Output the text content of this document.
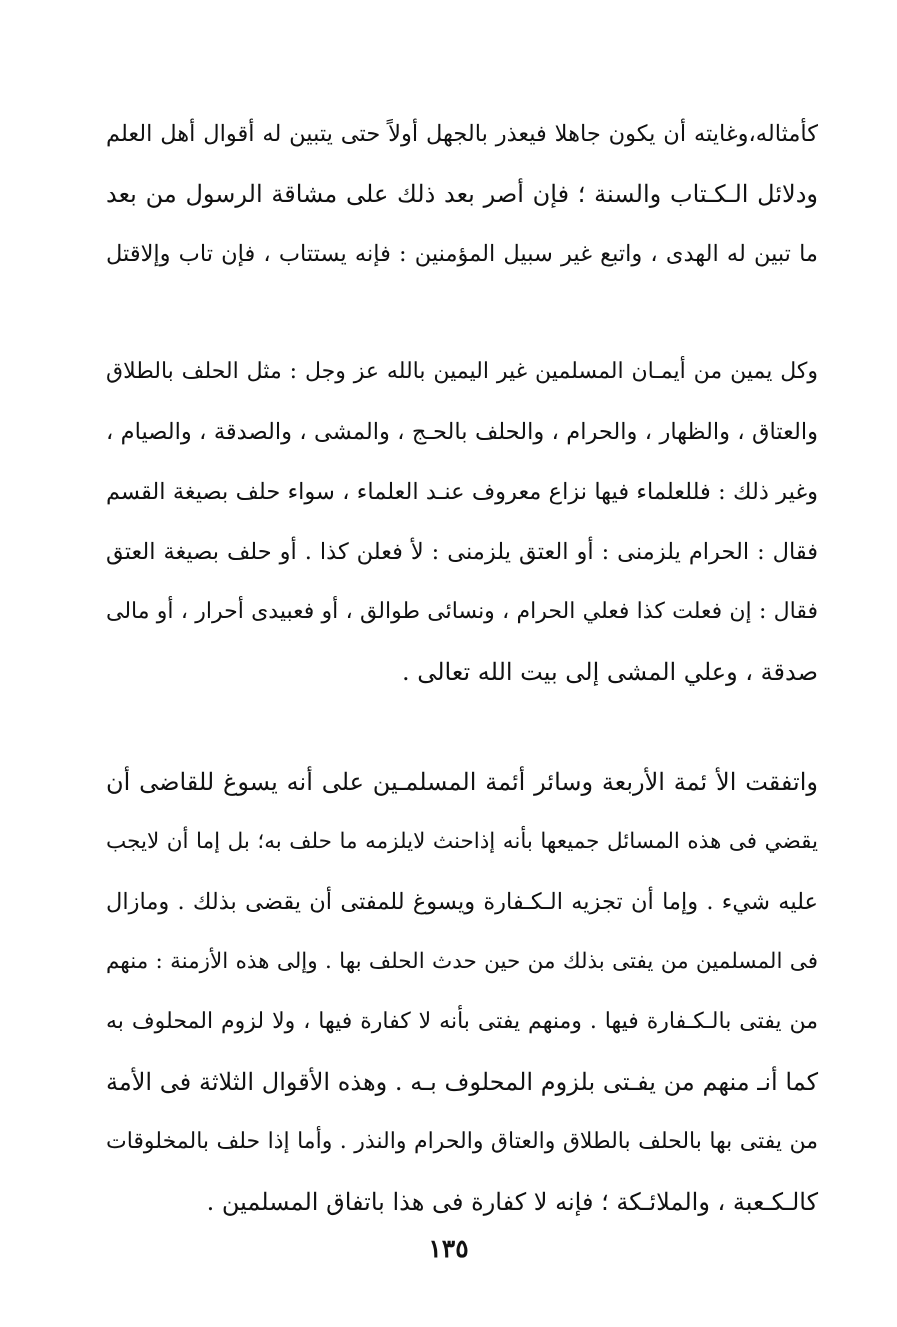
كأمثاله،وغايته أن يكون جاهلا فيعذر بالجهل أولاً حتى يتبين له أقوال أهل العلم
ودلائل الـكـتاب والسنة ؛ فإن أصر بعد ذلك على مشاقة الرسول من بعد
ما تبين له الهدى ، واتبع غير سبيل المؤمنين : فإنه يستتاب ، فإن تاب وإلاقتل
وكل يمين من أيمـان المسلمين غير اليمين بالله عز وجل : مثل الحلف بالطلاق
والعتاق ، والظهار ، والحرام ، والحلف بالحـج ، والمشى ، والصدقة ، والصيام ،
وغير ذلك : فللعلماء فيها نزاع معروف عنـد العلماء ، سواء حلف بصيغة القسم
فقال : الحرام يلزمنى : أو العتق يلزمنى : لأ فعلن كذا . أو حلف بصيغة العتق
فقال : إن فعلت كذا فعلي الحرام ، ونسائى طوالق ، أو فعبيدى أحرار ، أو مالى
صدقة ، وعلي المشى إلى بيت الله تعالى .
واتفقت الأ ئمة الأربعة وسائر أئمة المسلمـين على أنه يسوغ للقاضى أن
يقضي فى هذه المسائل جميعها بأنه إذاحنث لايلزمه ما حلف به؛ بل إما أن لايجب
عليه شيء . وإما أن تجزيه الـكـفارة ويسوغ للمفتى أن يقضى بذلك . ومازال
فى المسلمين من يفتى بذلك من حين حدث الحلف بها . وإلى هذه الأزمنة : منهم
من يفتى بالـكـفارة فيها . ومنهم يفتى بأنه لا كفارة فيها ، ولا لزوم المحلوف به
كما أنـ منهم من يفـتى بلزوم المحلوف بـه . وهذه الأقوال الثلاثة فى الأمة
من يفتى بها بالحلف بالطلاق والعتاق والحرام والنذر . وأما إذا حلف بالمخلوقات
كالـكـعبة ، والملائـكة ؛ فإنه لا كفارة فى هذا باتفاق المسلمين .
١٣٥
